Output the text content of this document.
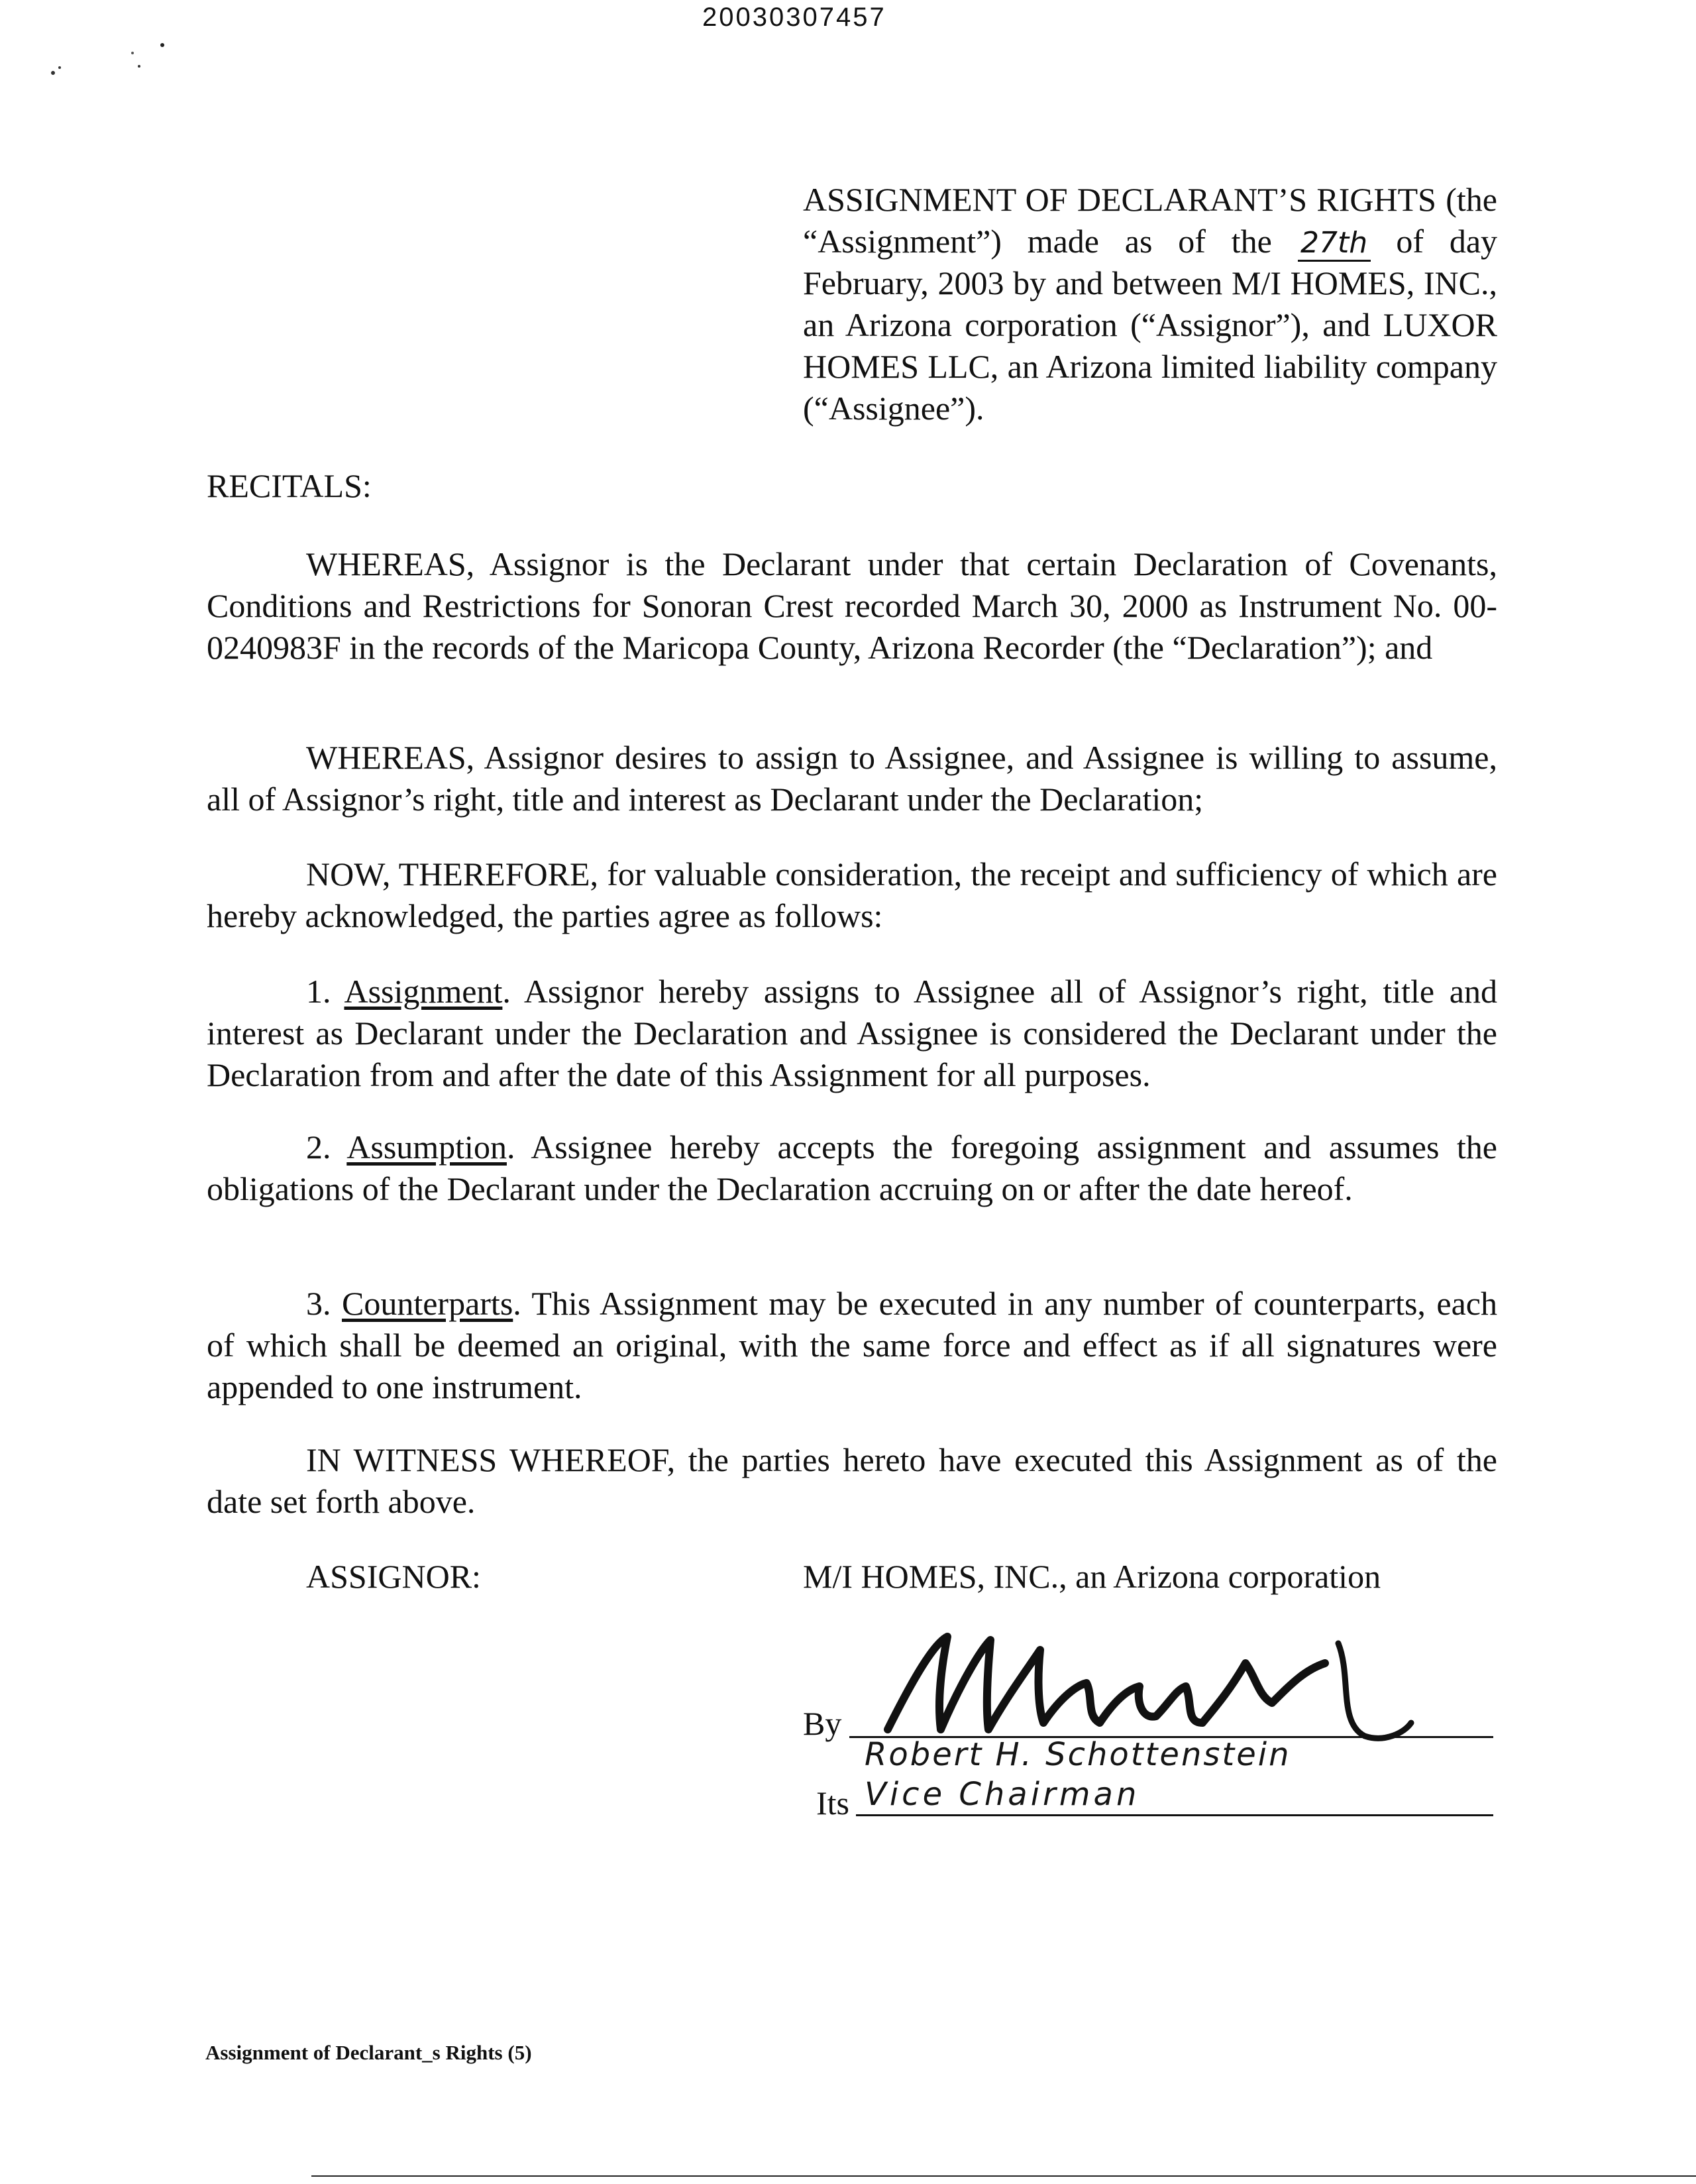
20030307457
ASSIGNMENT OF DECLARANT’S RIGHTS (the “Assignment”) made as of the 27th of day February, 2003 by and between M/I HOMES, INC., an Arizona corporation (“Assignor”), and LUXOR HOMES LLC, an Arizona limited liability company (“Assignee”).
RECITALS:
WHEREAS, Assignor is the Declarant under that certain Declaration of Covenants, Conditions and Restrictions for Sonoran Crest recorded March 30, 2000 as Instrument No. 00-0240983F in the records of the Maricopa County, Arizona Recorder (the “Declaration”); and
WHEREAS, Assignor desires to assign to Assignee, and Assignee is willing to assume, all of Assignor’s right, title and interest as Declarant under the Declaration;
NOW, THEREFORE, for valuable consideration, the receipt and sufficiency of which are hereby acknowledged, the parties agree as follows:
1. Assignment. Assignor hereby assigns to Assignee all of Assignor’s right, title and interest as Declarant under the Declaration and Assignee is considered the Declarant under the Declaration from and after the date of this Assignment for all purposes.
2. Assumption. Assignee hereby accepts the foregoing assignment and assumes the obligations of the Declarant under the Declaration accruing on or after the date hereof.
3. Counterparts. This Assignment may be executed in any number of counterparts, each of which shall be deemed an original, with the same force and effect as if all signatures were appended to one instrument.
IN WITNESS WHEREOF, the parties hereto have executed this Assignment as of the date set forth above.
ASSIGNOR:	M/I HOMES, INC., an Arizona corporation
By
Robert H. Schottenstein
Its Vice Chairman
Assignment of Declarant_s Rights (5)
